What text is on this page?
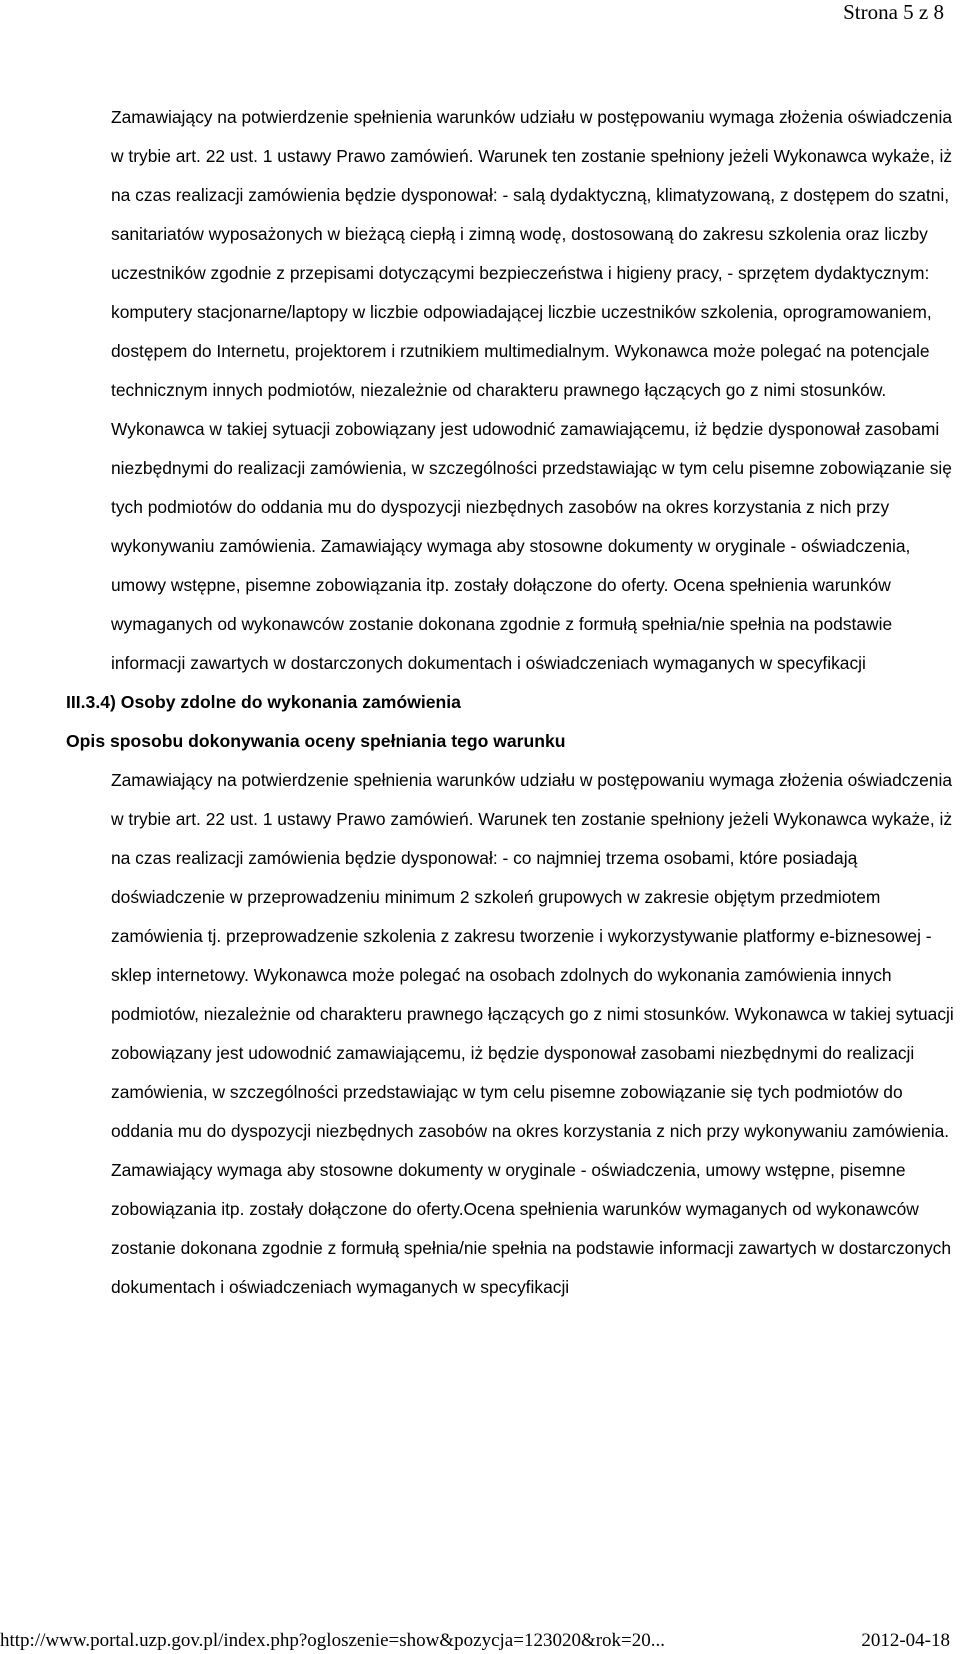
Strona 5 z 8

Zamawiający na potwierdzenie spełnienia warunków udziału w postępowaniu wymaga złożenia oświadczenia w trybie art. 22 ust. 1 ustawy Prawo zamówień. Warunek ten zostanie spełniony jeżeli Wykonawca wykaże, iż na czas realizacji zamówienia będzie dysponował: - salą dydaktyczną, klimatyzowaną, z dostępem do szatni, sanitariatów wyposażonych w bieżącą ciepłą i zimną wodę, dostosowaną do zakresu szkolenia oraz liczby uczestników zgodnie z przepisami dotyczącymi bezpieczeństwa i higieny pracy, - sprzętem dydaktycznym: komputery stacjonarne/laptopy w liczbie odpowiadającej liczbie uczestników szkolenia, oprogramowaniem, dostępem do Internetu, projektorem i rzutnikiem multimedialnym. Wykonawca może polegać na potencjale technicznym innych podmiotów, niezależnie od charakteru prawnego łączących go z nimi stosunków. Wykonawca w takiej sytuacji zobowiązany jest udowodnić zamawiającemu, iż będzie dysponował zasobami niezbędnymi do realizacji zamówienia, w szczególności przedstawiając w tym celu pisemne zobowiązanie się tych podmiotów do oddania mu do dyspozycji niezbędnych zasobów na okres korzystania z nich przy wykonywaniu zamówienia. Zamawiający wymaga aby stosowne dokumenty w oryginale - oświadczenia, umowy wstępne, pisemne zobowiązania itp. zostały dołączone do oferty. Ocena spełnienia warunków wymaganych od wykonawców zostanie dokonana zgodnie z formułą spełnia/nie spełnia na podstawie informacji zawartych w dostarczonych dokumentach i oświadczeniach wymaganych w specyfikacji

III.3.4) Osoby zdolne do wykonania zamówienia

Opis sposobu dokonywania oceny spełniania tego warunku

Zamawiający na potwierdzenie spełnienia warunków udziału w postępowaniu wymaga złożenia oświadczenia w trybie art. 22 ust. 1 ustawy Prawo zamówień. Warunek ten zostanie spełniony jeżeli Wykonawca wykaże, iż na czas realizacji zamówienia będzie dysponował: - co najmniej trzema osobami, które posiadają doświadczenie w przeprowadzeniu minimum 2 szkoleń grupowych w zakresie objętym przedmiotem zamówienia tj. przeprowadzenie szkolenia z zakresu tworzenie i wykorzystywanie platformy e-biznesowej - sklep internetowy. Wykonawca może polegać na osobach zdolnych do wykonania zamówienia innych podmiotów, niezależnie od charakteru prawnego łączących go z nimi stosunków. Wykonawca w takiej sytuacji zobowiązany jest udowodnić zamawiającemu, iż będzie dysponował zasobami niezbędnymi do realizacji zamówienia, w szczególności przedstawiając w tym celu pisemne zobowiązanie się tych podmiotów do oddania mu do dyspozycji niezbędnych zasobów na okres korzystania z nich przy wykonywaniu zamówienia. Zamawiający wymaga aby stosowne dokumenty w oryginale - oświadczenia, umowy wstępne, pisemne zobowiązania itp. zostały dołączone do oferty.Ocena spełnienia warunków wymaganych od wykonawców zostanie dokonana zgodnie z formułą spełnia/nie spełnia na podstawie informacji zawartych w dostarczonych dokumentach i oświadczeniach wymaganych w specyfikacji

http://www.portal.uzp.gov.pl/index.php?ogloszenie=show&pozycja=123020&rok=20...	2012-04-18
